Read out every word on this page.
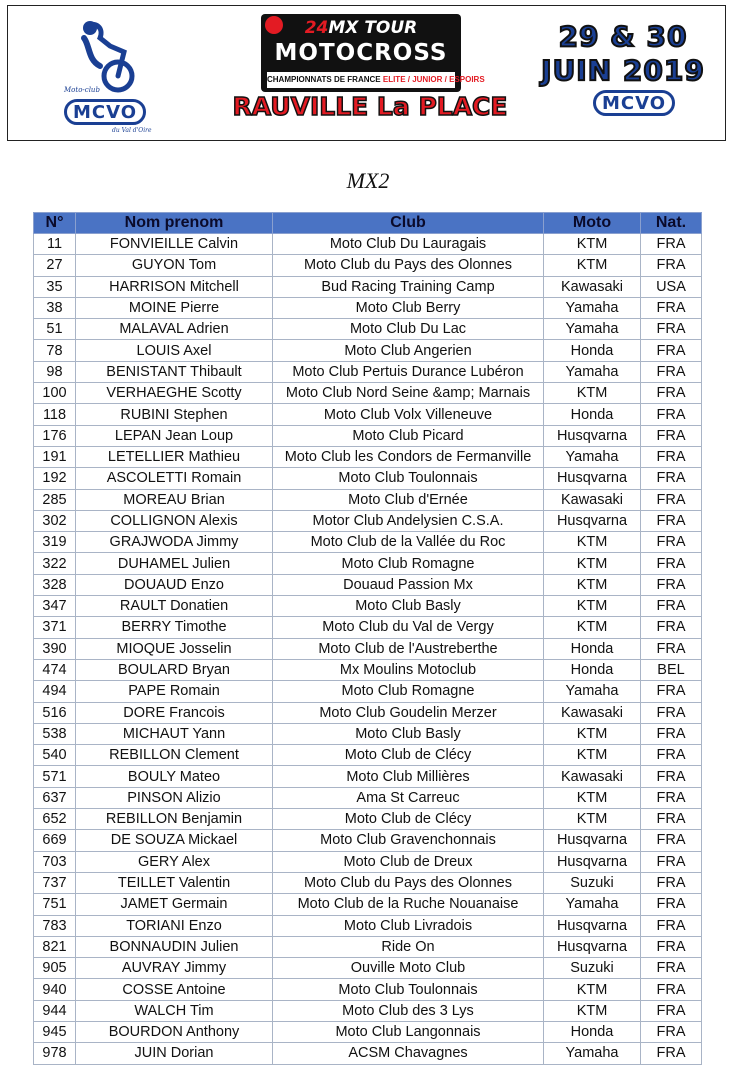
Moto-club
MCVO
du Val d'Oire
24MX TOUR
MOTOCROSS
CHAMPIONNATS DE FRANCE ELITE / JUNIOR / ESPOIRS
RAUVILLE La PLACE
29 & 30
JUIN 2019
MCVO
MX2
N°	Nom prenom	Club	Moto	Nat.
11	FONVIEILLE Calvin	Moto Club Du Lauragais	KTM	FRA
27	GUYON Tom	Moto Club du Pays des Olonnes	KTM	FRA
35	HARRISON Mitchell	Bud Racing Training Camp	Kawasaki	USA
38	MOINE Pierre	Moto Club Berry	Yamaha	FRA
51	MALAVAL Adrien	Moto Club Du Lac	Yamaha	FRA
78	LOUIS Axel	Moto Club Angerien	Honda	FRA
98	BENISTANT Thibault	Moto Club Pertuis Durance Lubéron	Yamaha	FRA
100	VERHAEGHE Scotty	Moto Club Nord Seine &amp; Marnais	KTM	FRA
118	RUBINI Stephen	Moto Club Volx Villeneuve	Honda	FRA
176	LEPAN Jean Loup	Moto Club Picard	Husqvarna	FRA
191	LETELLIER Mathieu	Moto Club les Condors de Fermanville	Yamaha	FRA
192	ASCOLETTI Romain	Moto Club Toulonnais	Husqvarna	FRA
285	MOREAU Brian	Moto Club d'Ernée	Kawasaki	FRA
302	COLLIGNON Alexis	Motor Club Andelysien C.S.A.	Husqvarna	FRA
319	GRAJWODA Jimmy	Moto Club de la Vallée du Roc	KTM	FRA
322	DUHAMEL Julien	Moto Club Romagne	KTM	FRA
328	DOUAUD Enzo	Douaud Passion Mx	KTM	FRA
347	RAULT Donatien	Moto Club Basly	KTM	FRA
371	BERRY Timothe	Moto Club du Val de Vergy	KTM	FRA
390	MIOQUE Josselin	Moto Club de l'Austreberthe	Honda	FRA
474	BOULARD Bryan	Mx Moulins Motoclub	Honda	BEL
494	PAPE Romain	Moto Club Romagne	Yamaha	FRA
516	DORE Francois	Moto Club Goudelin Merzer	Kawasaki	FRA
538	MICHAUT Yann	Moto Club Basly	KTM	FRA
540	REBILLON Clement	Moto Club de Clécy	KTM	FRA
571	BOULY Mateo	Moto Club Millières	Kawasaki	FRA
637	PINSON Alizio	Ama St Carreuc	KTM	FRA
652	REBILLON Benjamin	Moto Club de Clécy	KTM	FRA
669	DE SOUZA Mickael	Moto Club Gravenchonnais	Husqvarna	FRA
703	GERY Alex	Moto Club de Dreux	Husqvarna	FRA
737	TEILLET Valentin	Moto Club du Pays des Olonnes	Suzuki	FRA
751	JAMET Germain	Moto Club de la Ruche Nouanaise	Yamaha	FRA
783	TORIANI Enzo	Moto Club Livradois	Husqvarna	FRA
821	BONNAUDIN Julien	Ride On	Husqvarna	FRA
905	AUVRAY Jimmy	Ouville Moto Club	Suzuki	FRA
940	COSSE Antoine	Moto Club Toulonnais	KTM	FRA
944	WALCH Tim	Moto Club des 3 Lys	KTM	FRA
945	BOURDON Anthony	Moto Club Langonnais	Honda	FRA
978	JUIN Dorian	ACSM Chavagnes	Yamaha	FRA
